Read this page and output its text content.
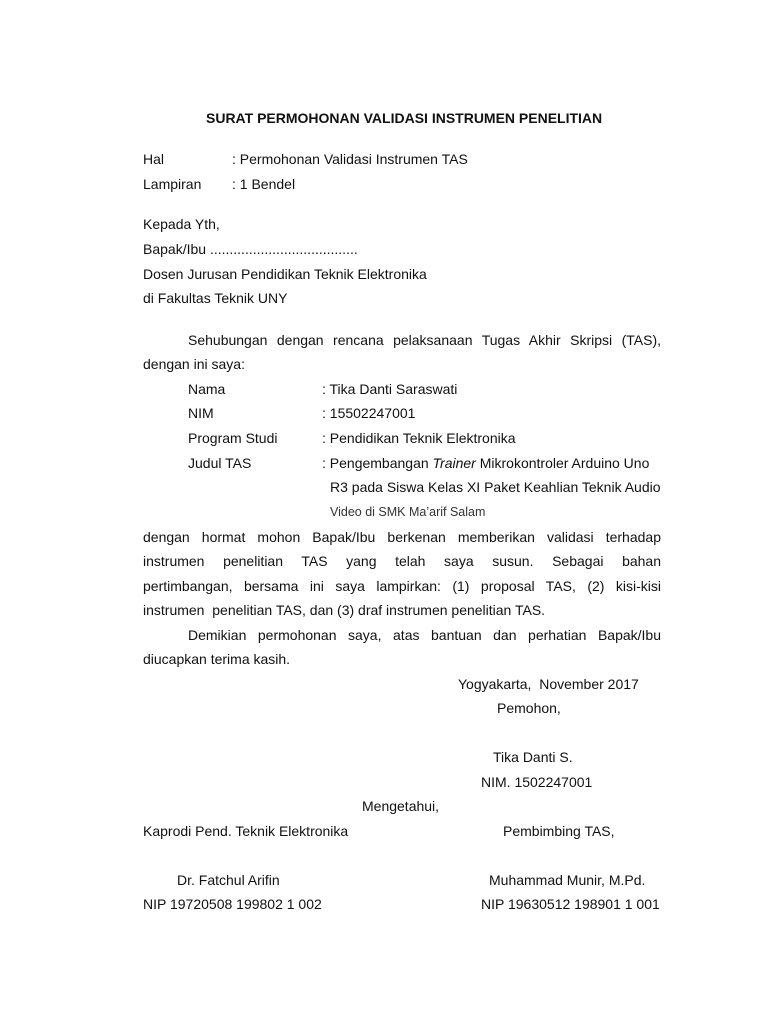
SURAT PERMOHONAN VALIDASI INSTRUMEN PENELITIAN
Hal	: Permohonan Validasi Instrumen TAS
Lampiran : 1 Bendel
Kepada Yth,
Bapak/Ibu ......................................
Dosen Jurusan Pendidikan Teknik Elektronika
di Fakultas Teknik UNY
Sehubungan dengan rencana pelaksanaan Tugas Akhir Skripsi (TAS),
dengan ini saya:
Nama	: Tika Danti Saraswati
NIM	: 15502247001
Program Studi	: Pendidikan Teknik Elektronika
Judul TAS	: Pengembangan Trainer Mikrokontroler Arduino Uno
R3 pada Siswa Kelas XI Paket Keahlian Teknik Audio
Video di SMK Ma’arif Salam
dengan hormat mohon Bapak/Ibu berkenan memberikan validasi terhadap
instrumen penelitian TAS yang telah saya susun. Sebagai bahan
pertimbangan, bersama ini saya lampirkan: (1) proposal TAS, (2) kisi-kisi
instrumen  penelitian TAS, dan (3) draf instrumen penelitian TAS.
Demikian permohonan saya, atas bantuan dan perhatian Bapak/Ibu
diucapkan terima kasih.
Yogyakarta,  November 2017
Pemohon,
Tika Danti S.
NIM. 1502247001
Mengetahui,
Kaprodi Pend. Teknik Elektronika	Pembimbing TAS,
Dr. Fatchul Arifin	Muhammad Munir, M.Pd.
NIP 19720508 199802 1 002	NIP 19630512 198901 1 001
